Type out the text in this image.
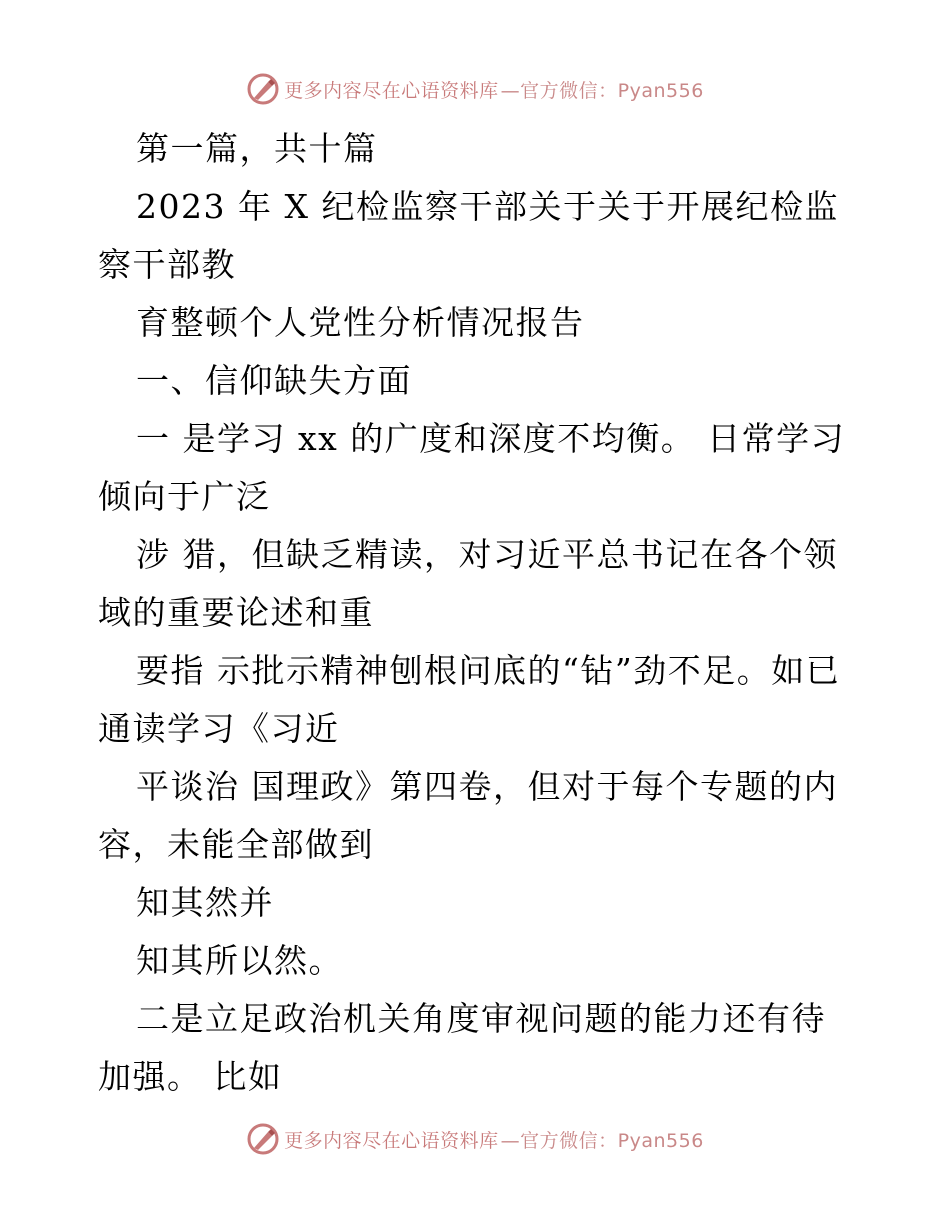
更多内容尽在心语资料库 —官方微信：Pyan556

第一篇，共十篇

2023 年 X 纪检监察干部关于关于开展纪检监察干部教

育整顿个人党性分析情况报告

一、信仰缺失方面

一 是学习 xx 的广度和深度不均衡。 日常学习倾向于广泛

涉 猎，但缺乏精读，对习近平总书记在各个领域的重要论述和重

要指 示批示精神刨根问底的“钻”劲不足。如已通读学习《习近

平谈治 国理政》第四卷，但对于每个专题的内容，未能全部做到

知其然并

知其所以然。

二是立足政治机关角度审视问题的能力还有待加强。 比如

更多内容尽在心语资料库 —官方微信：Pyan556
